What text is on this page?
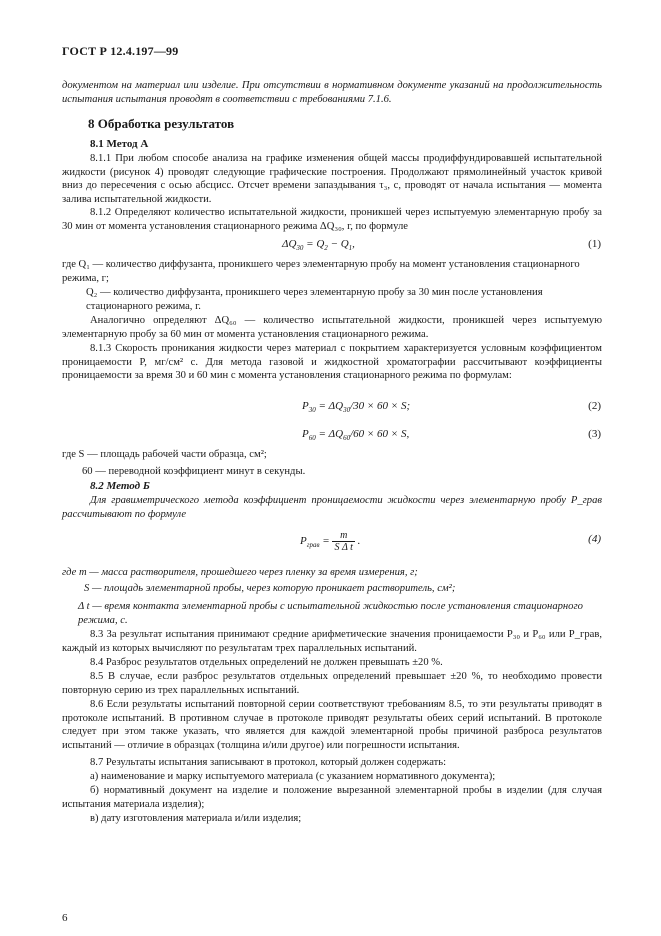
ГОСТ Р 12.4.197—99
документом на материал или изделие. При отсутствии в нормативном документе указаний на продолжительность испытания испытания проводят в соответствии с требованиями 7.1.6.
8 Обработка результатов
8.1 Метод А
8.1.1 При любом способе анализа на графике изменения общей массы продиффундировавшей испытательной жидкости (рисунок 4) проводят следующие графические построения. Продолжают прямолинейный участок кривой вниз до пересечения с осью абсцисс. Отсчет времени запаздывания τ₃, с, проводят от начала испытания — момента залива испытательной жидкости.
8.1.2 Определяют количество испытательной жидкости, проникшей через испытуемую элементарную пробу за 30 мин от момента установления стационарного режима ΔQ₃₀, г, по формуле
$\Delta Q_{30} = Q_2 - Q_1$,	(1)
где Q₁ — количество диффузанта, проникшего через элементарную пробу на момент установления стационарного режима, г;
Q₂ — количество диффузанта, проникшего через элементарную пробу за 30 мин после установления стационарного режима, г.
Аналогично определяют ΔQ₆₀ — количество испытательной жидкости, проникшей через испытуемую элементарную пробу за 60 мин от момента установления стационарного режима.
8.1.3 Скорость проникания жидкости через материал с покрытием характеризуется условным коэффициентом проницаемости P, мг/см² с. Для метода газовой и жидкостной хроматографии рассчитывают коэффициенты проницаемости за время 30 и 60 мин с момента установления стационарного режима по формулам:
$P_{30} = \Delta Q_{30}/30 \times 60 \times S$;	(2)
$P_{60} = \Delta Q_{60}/60 \times 60 \times S$,	(3)
где S — площадь рабочей части образца, см²;
60 — переводной коэффициент минут в секунды.
8.2 Метод Б
Для гравиметрического метода коэффициент проницаемости жидкости через элементарную пробу P_грав рассчитывают по формуле
$P_{грав} = \frac{m}{\text{S Δ t}}$ .	(4)
где m — масса растворителя, прошедшего через пленку за время измерения, г;
S — площадь элементарной пробы, через которую проникает растворитель, см²;
Δ t — время контакта элементарной пробы с испытательной жидкостью после установления стационарного режима, с.
8.3 За результат испытания принимают средние арифметические значения проницаемости P₃₀ и P₆₀ или P_грав, каждый из которых вычисляют по результатам трех параллельных испытаний.
8.4 Разброс результатов отдельных определений не должен превышать ±20 %.
8.5 В случае, если разброс результатов отдельных определений превышает ±20 %, то необходимо провести повторную серию из трех параллельных испытаний.
8.6 Если результаты испытаний повторной серии соответствуют требованиям 8.5, то эти результаты приводят в протоколе испытаний. В противном случае в протоколе приводят результаты обеих серий испытаний. В протоколе следует при этом также указать, что является для каждой элементарной пробы причиной разброса результатов испытаний — отличие в образцах (толщина и/или другое) или погрешности испытания.
8.7 Результаты испытания записывают в протокол, который должен содержать:
а) наименование и марку испытуемого материала (с указанием нормативного документа);
б) нормативный документ на изделие и положение вырезанной элементарной пробы в изделии (для случая испытания материала изделия);
в) дату изготовления материала и/или изделия;
6
